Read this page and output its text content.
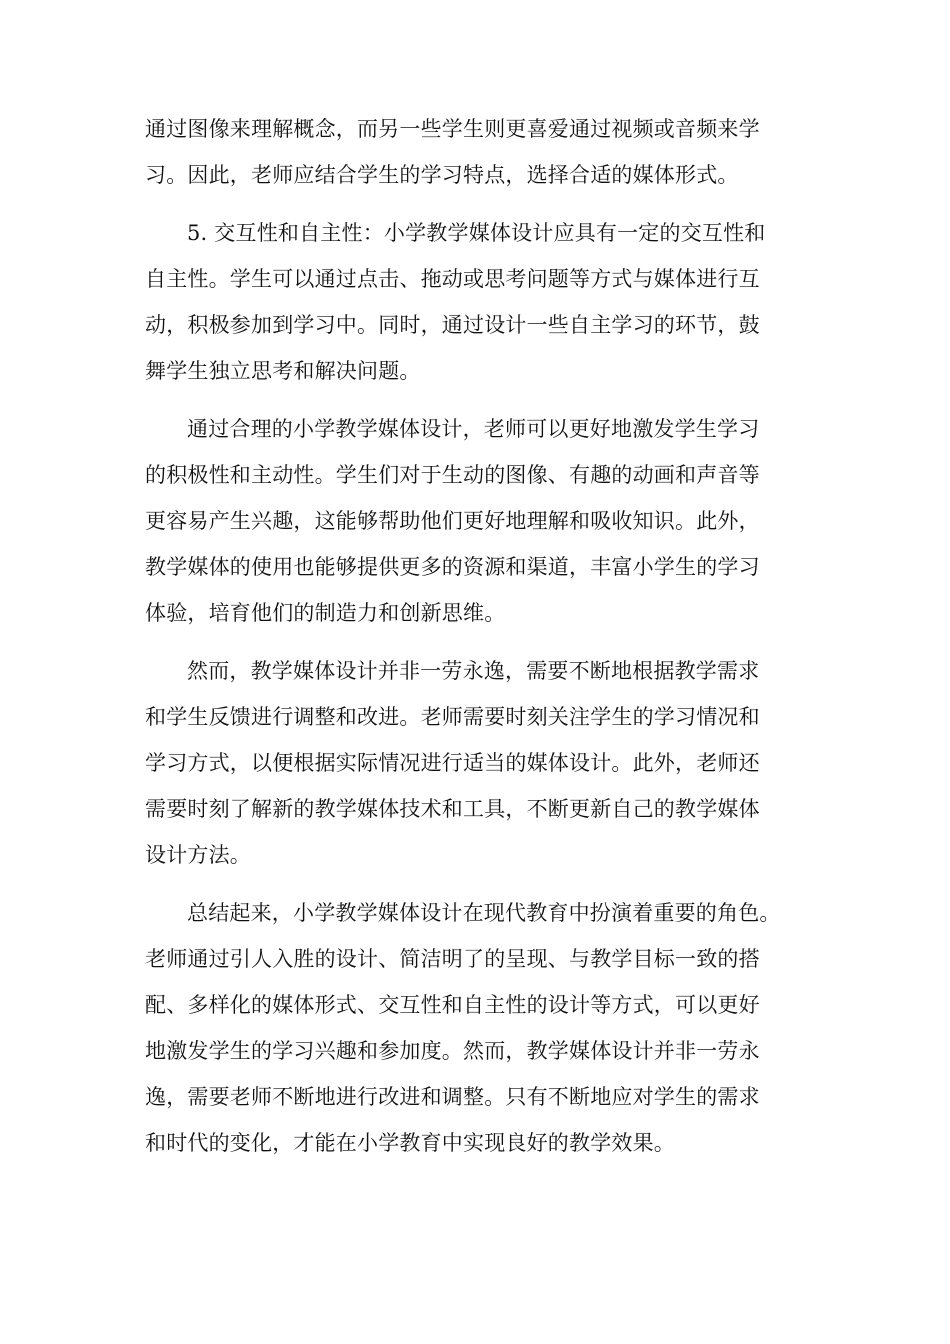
通过图像来理解概念，而另一些学生则更喜爱通过视频或音频来学
习。因此，老师应结合学生的学习特点，选择合适的媒体形式。
5. 交互性和自主性：小学教学媒体设计应具有一定的交互性和
自主性。学生可以通过点击、拖动或思考问题等方式与媒体进行互
动，积极参加到学习中。同时，通过设计一些自主学习的环节，鼓
舞学生独立思考和解决问题。
通过合理的小学教学媒体设计，老师可以更好地激发学生学习
的积极性和主动性。学生们对于生动的图像、有趣的动画和声音等
更容易产生兴趣，这能够帮助他们更好地理解和吸收知识。此外，
教学媒体的使用也能够提供更多的资源和渠道，丰富小学生的学习
体验，培育他们的制造力和创新思维。
然而，教学媒体设计并非一劳永逸，需要不断地根据教学需求
和学生反馈进行调整和改进。老师需要时刻关注学生的学习情况和
学习方式，以便根据实际情况进行适当的媒体设计。此外，老师还
需要时刻了解新的教学媒体技术和工具，不断更新自己的教学媒体
设计方法。
总结起来，小学教学媒体设计在现代教育中扮演着重要的角色。
老师通过引人入胜的设计、简洁明了的呈现、与教学目标一致的搭
配、多样化的媒体形式、交互性和自主性的设计等方式，可以更好
地激发学生的学习兴趣和参加度。然而，教学媒体设计并非一劳永
逸，需要老师不断地进行改进和调整。只有不断地应对学生的需求
和时代的变化，才能在小学教育中实现良好的教学效果。
